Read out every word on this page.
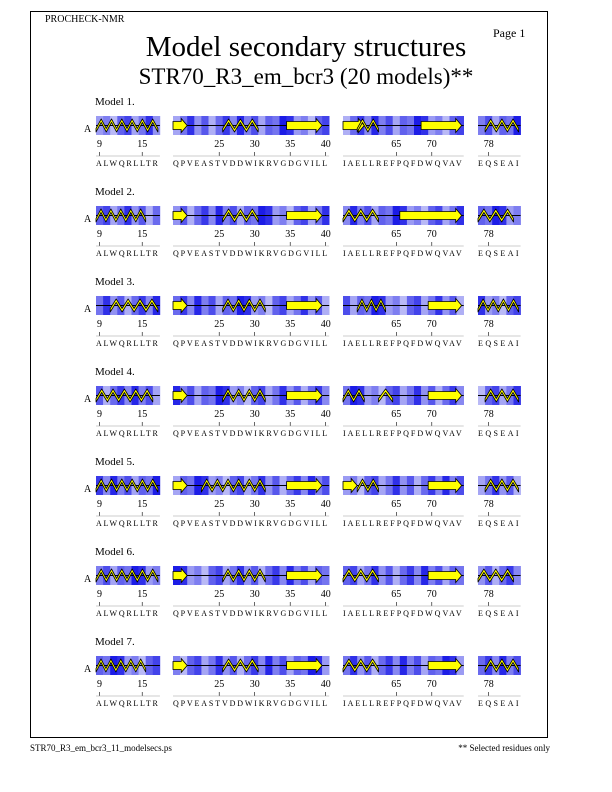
PROCHECK-NMR
Page 1
Model secondary structures
STR70_R3_em_bcr3 (20 models)**
Model 1.
A
9	15
ALWQRLLTR
25	30	35	40
QPVEASTVDDWIKRVGDGVILL
65	70
IAELLREFPQFDWQVAV
78
EQSEAI
Model 2.
A
9	15
ALWQRLLTR
25	30	35	40
QPVEASTVDDWIKRVGDGVILL
65	70
IAELLREFPQFDWQVAV
78
EQSEAI
Model 3.
A
9	15
ALWQRLLTR
25	30	35	40
QPVEASTVDDWIKRVGDGVILL
65	70
IAELLREFPQFDWQVAV
78
EQSEAI
Model 4.
A
9	15
ALWQRLLTR
25	30	35	40
QPVEASTVDDWIKRVGDGVILL
65	70
IAELLREFPQFDWQVAV
78
EQSEAI
Model 5.
A
9	15
ALWQRLLTR
25	30	35	40
QPVEASTVDDWIKRVGDGVILL
65	70
IAELLREFPQFDWQVAV
78
EQSEAI
Model 6.
A
9	15
ALWQRLLTR
25	30	35	40
QPVEASTVDDWIKRVGDGVILL
65	70
IAELLREFPQFDWQVAV
78
EQSEAI
Model 7.
A
9	15
ALWQRLLTR
25	30	35	40
QPVEASTVDDWIKRVGDGVILL
65	70
IAELLREFPQFDWQVAV
78
EQSEAI
STR70_R3_em_bcr3_11_modelsecs.ps	** Selected residues only
